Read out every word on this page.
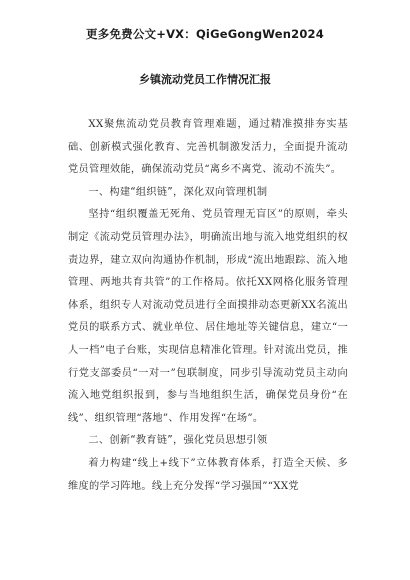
更多免费公文+VX：QiGeGongWen2024
乡镇流动党员工作情况汇报

XX聚焦流动党员教育管理难题，通过精准摸排夯实基础、创新模式强化教育、完善机制激发活力，全面提升流动党员管理效能，确保流动党员“离乡不离党、流动不流失”。

一、构建“组织链”，深化双向管理机制

坚持“组织覆盖无死角、党员管理无盲区”的原则，牵头制定《流动党员管理办法》，明确流出地与流入地党组织的权责边界，建立双向沟通协作机制，形成“流出地跟踪、流入地管理、两地共育共管”的工作格局。依托XX网格化服务管理体系，组织专人对流动党员进行全面摸排动态更新XX名流出党员的联系方式、就业单位、居住地址等关键信息，建立“一人一档”电子台账，实现信息精准化管理。针对流出党员，推行党支部委员“一对一”包联制度，同步引导流动党员主动向流入地党组织报到，参与当地组织生活，确保党员身份“在线”、组织管理“落地”、作用发挥“在场”。

二、创新“教育链”，强化党员思想引领

着力构建“线上+线下”立体教育体系，打造全天候、多维度的学习阵地。线上充分发挥“学习强国”“XX党
